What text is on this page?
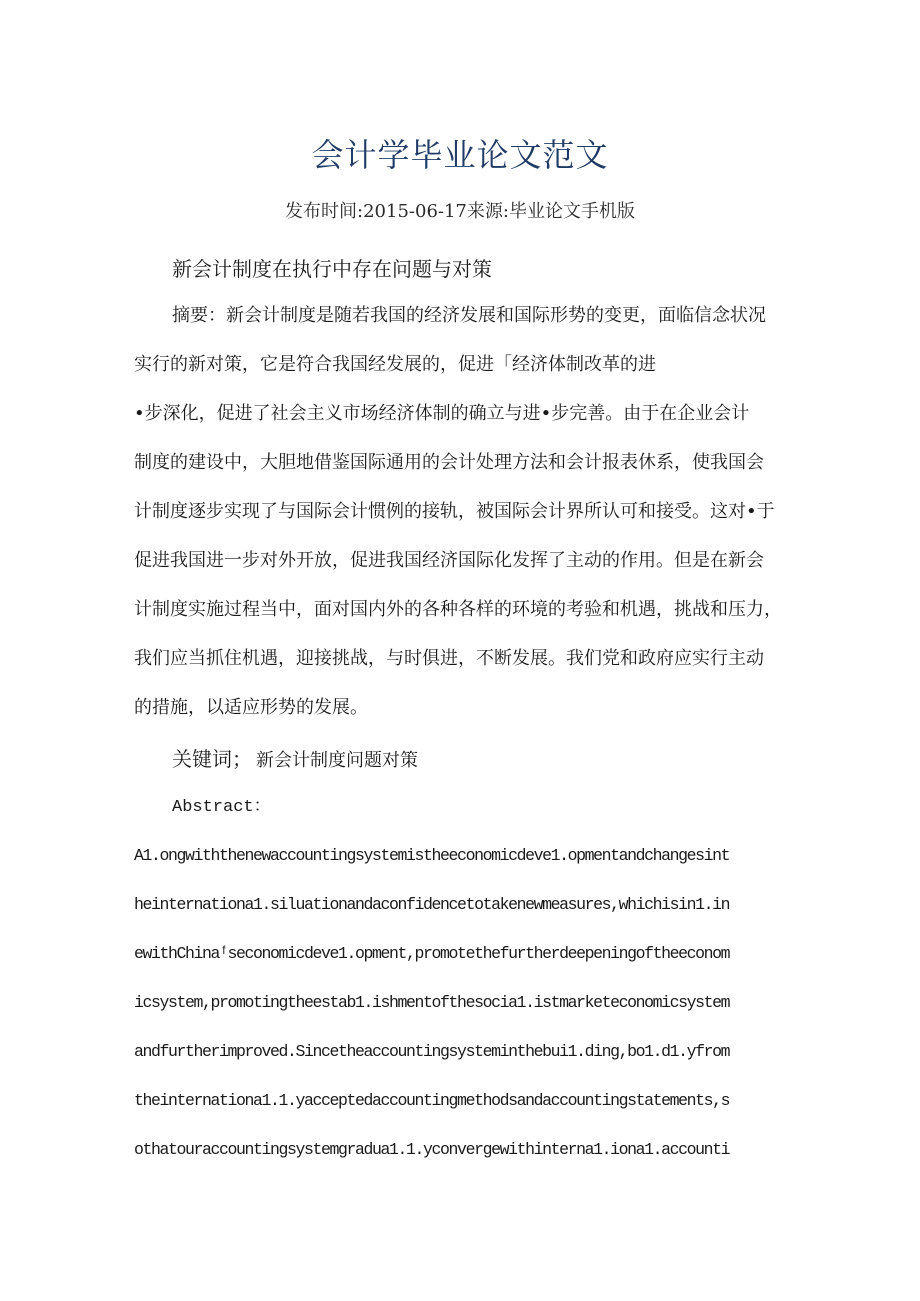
会计学毕业论文范文
发布时间:2015-06-17来源:毕业论文手机版
新会计制度在执行中存在问题与对策
摘要：新会计制度是随若我国的经济发展和国际形势的变更，面临信念状况
实行的新对策，它是符合我国经发展的，促进「经济体制改革的进
•步深化，促进了社会主义市场经济体制的确立与进•步完善。由于在企业会计
制度的建设中，大胆地借鉴国际通用的会计处理方法和会计报表休系，使我国会
计制度逐步实现了与国际会计惯例的接轨，被国际会计界所认可和接受。这对•于
促进我国进一步对外开放，促进我国经济国际化发挥了主动的作用。但是在新会
计制度实施过程当中，面对国内外的各种各样的环境的考验和机遇，挑战和压力，
我们应当抓住机遇，迎接挑战，与时俱进，不断发展。我们党和政府应实行主动
的措施，以适应形势的发展。
关键词； 新会计制度问题对策
Abstract：
A1.ongwiththenewaccountingsystemistheeconomicdeve1.opmentandchangesint
heinternationa1.siluationandaconfidencetotakenewmeasures,whichisin1.in
ewithChinaᶠseconomicdeve1.opment,promotethefurtherdeepeningoftheeconom
icsystem,promotingtheestab1.ishmentofthesocia1.istmarketeconomicsystem
andfurtherimproved.Sincetheaccountingsysteminthebui1.ding,bo1.d1.yfrom
theinternationa1.1.yacceptedaccountingmethodsandaccountingstatements,s
othatouraccountingsystemgradua1.1.yconvergewithinterna1.iona1.accounti
